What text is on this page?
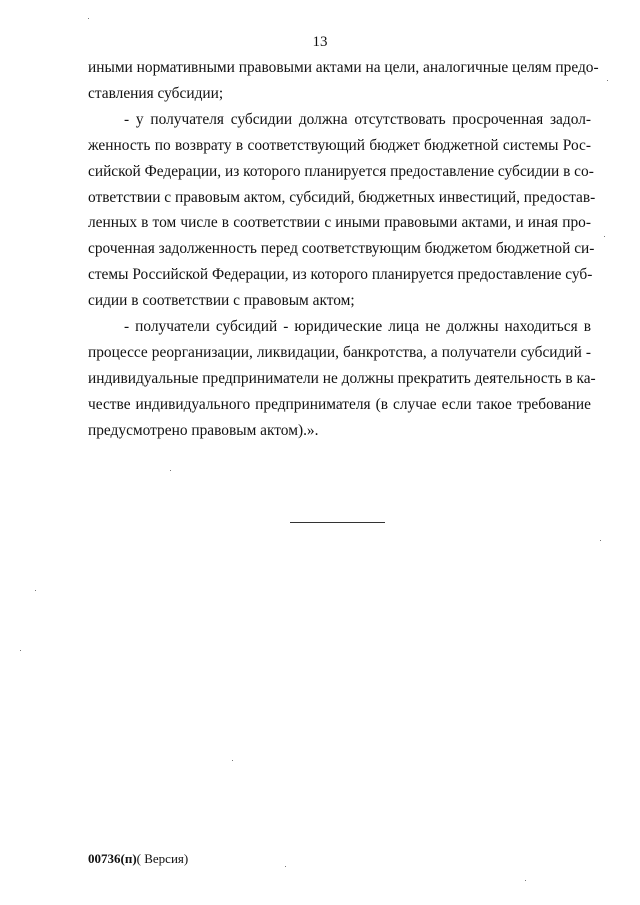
13

иными нормативными правовыми актами на цели, аналогичные целям предо-
ставления субсидии;

- у получателя субсидии должна отсутствовать просроченная задол-
женность по возврату в соответствующий бюджет бюджетной системы Рос-
сийской Федерации, из которого планируется предоставление субсидии в со-
ответствии с правовым актом, субсидий, бюджетных инвестиций, предостав-
ленных в том числе в соответствии с иными правовыми актами, и иная про-
сроченная задолженность перед соответствующим бюджетом бюджетной си-
стемы Российской Федерации, из которого планируется предоставление суб-
сидии в соответствии с правовым актом;

- получатели субсидий - юридические лица не должны находиться в
процессе реорганизации, ликвидации, банкротства, а получатели субсидий -
индивидуальные предприниматели не должны прекратить деятельность в ка-
честве индивидуального предпринимателя (в случае если такое требование
предусмотрено правовым актом).».

00736(п)( Версия)
